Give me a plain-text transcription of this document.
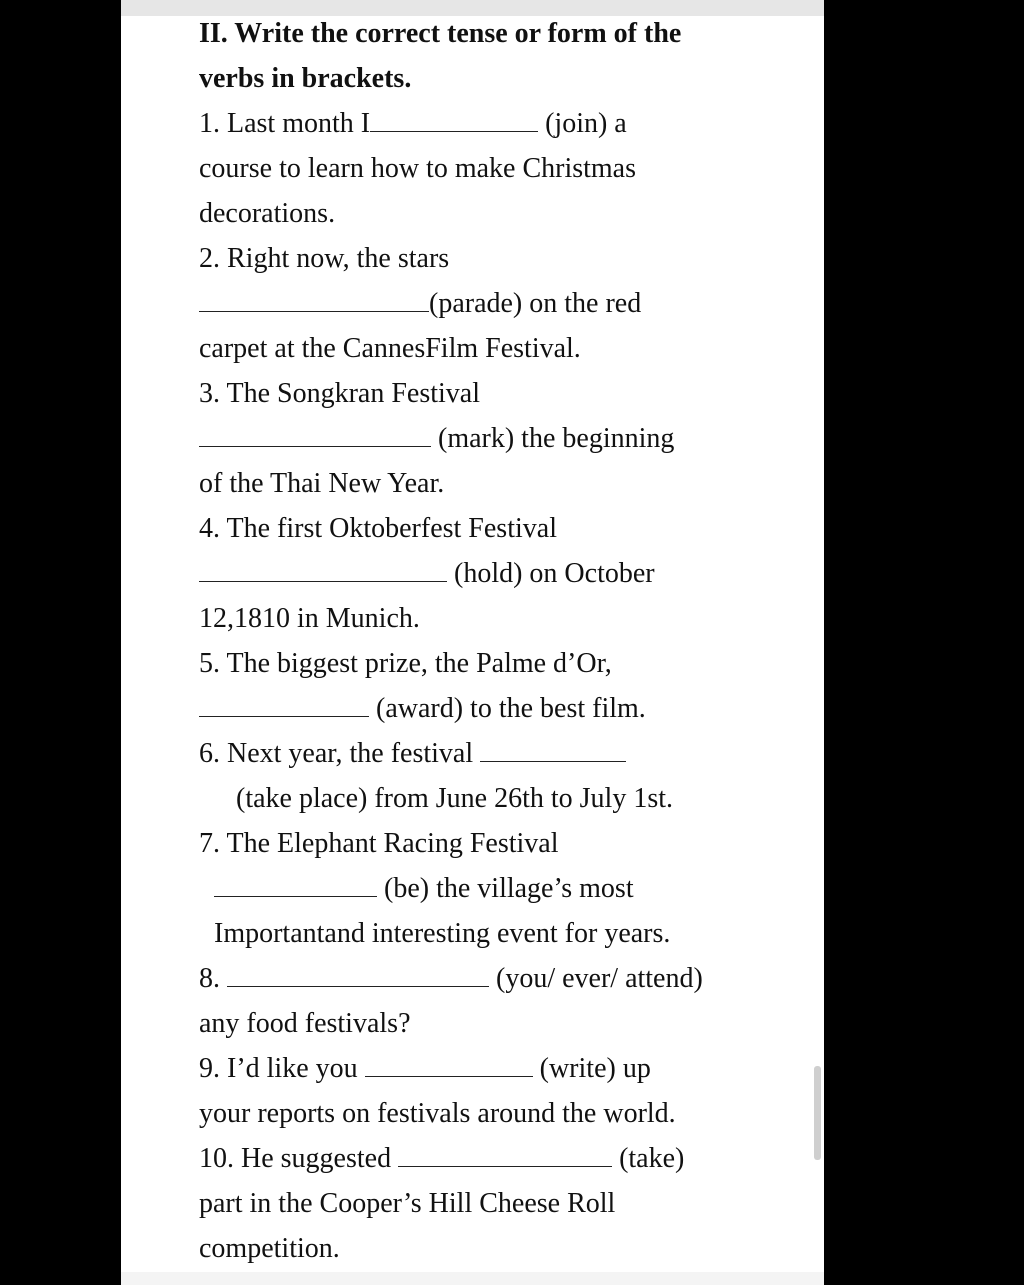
II. Write the correct tense or form of the
verbs in brackets.
1. Last month I	(join) a
course to learn how to make Christmas
decorations.
2. Right now, the stars
(parade) on the red
carpet at the CannesFilm Festival.
3. The Songkran Festival
(mark) the beginning
of the Thai New Year.
4. The first Oktoberfest Festival
(hold) on October
12,1810 in Munich.
5. The biggest prize, the Palme d’Or,
(award) to the best film.
6. Next year, the festival
(take place) from June 26th to July 1st.
7. The Elephant Racing Festival
(be) the village’s most
Importantand interesting event for years.
8.	(you/ ever/ attend)
any food festivals?
9. I’d like you	(write) up
your reports on festivals around the world.
10. He suggested	(take)
part in the Cooper’s Hill Cheese Roll
competition.
